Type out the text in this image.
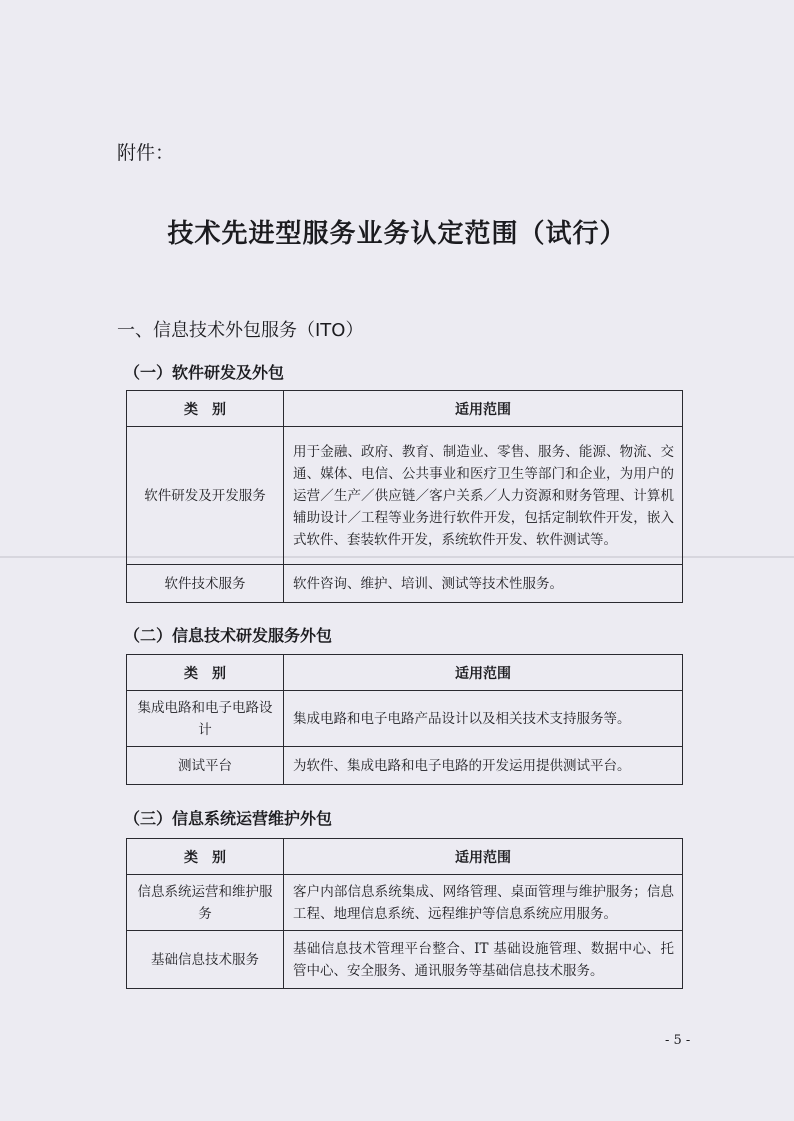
附件：
技术先进型服务业务认定范围（试行）
一、信息技术外包服务（ITO）
（一）软件研发及外包
类　别	适用范围
软件研发及开发服务	用于金融、政府、教育、制造业、零售、服务、能源、物流、交通、媒体、电信、公共事业和医疗卫生等部门和企业，为用户的运营／生产／供应链／客户关系／人力资源和财务管理、计算机辅助设计／工程等业务进行软件开发，包括定制软件开发，嵌入式软件、套装软件开发，系统软件开发、软件测试等。
软件技术服务	软件咨询、维护、培训、测试等技术性服务。
（二）信息技术研发服务外包
类　别	适用范围
集成电路和电子电路设计	集成电路和电子电路产品设计以及相关技术支持服务等。
测试平台	为软件、集成电路和电子电路的开发运用提供测试平台。
（三）信息系统运营维护外包
类　别	适用范围
信息系统运营和维护服务	客户内部信息系统集成、网络管理、桌面管理与维护服务；信息工程、地理信息系统、远程维护等信息系统应用服务。
基础信息技术服务	基础信息技术管理平台整合、IT 基础设施管理、数据中心、托管中心、安全服务、通讯服务等基础信息技术服务。
- 5 -
